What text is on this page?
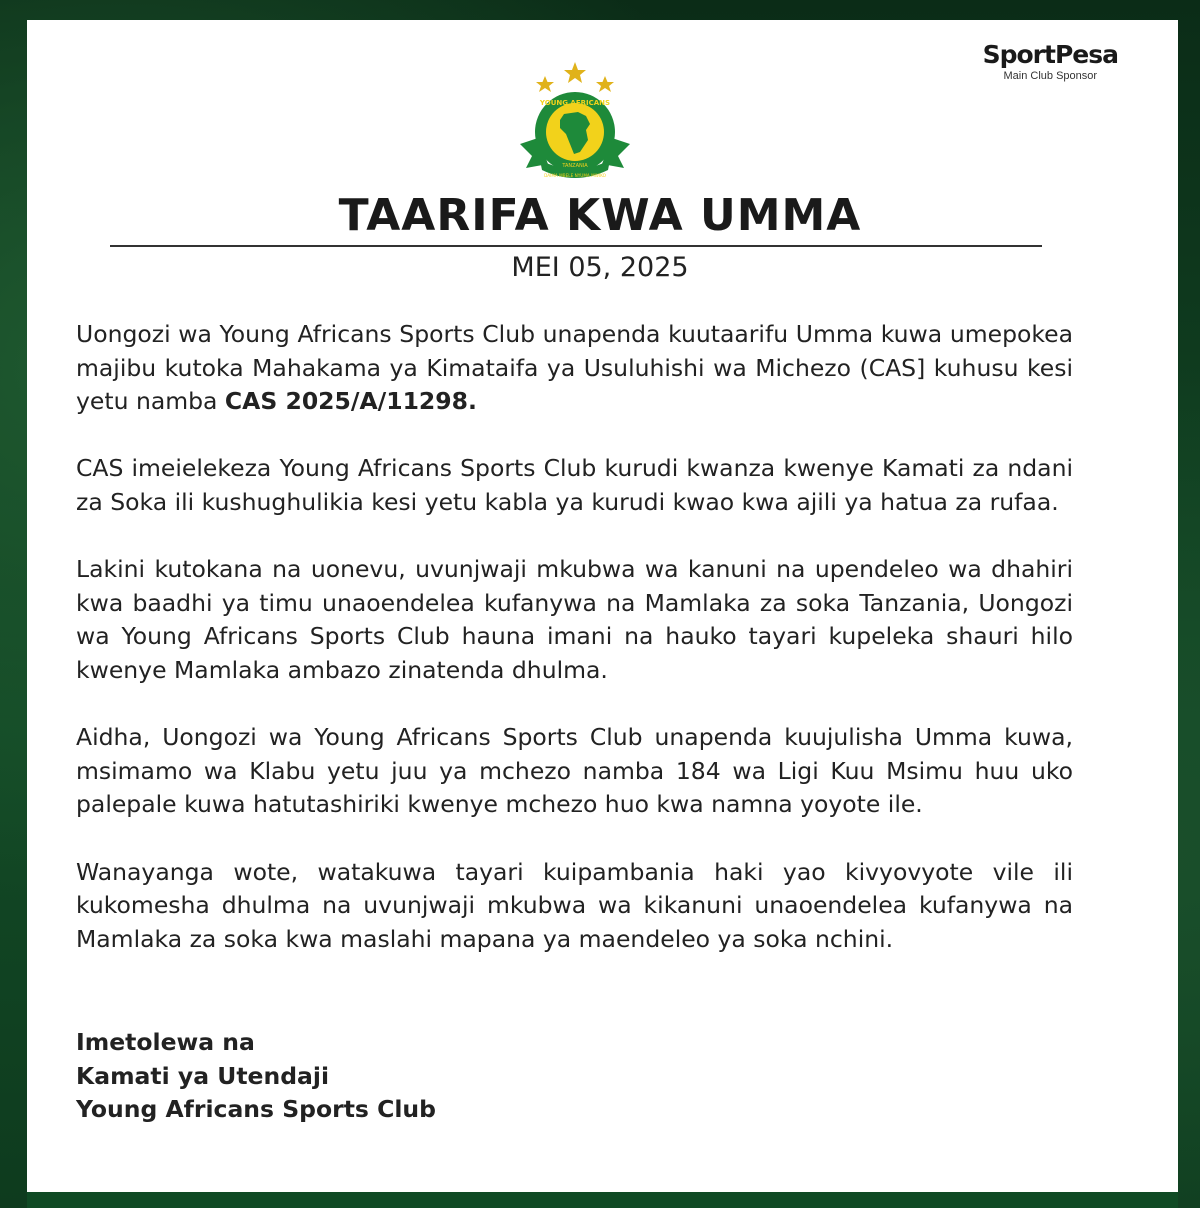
SportPesa
Main Club Sponsor
YOUNG AFRICANS
TANZANIA
DAIMA MBELE NYUMA MWIKO
TAARIFA KWA UMMA
MEI 05, 2025

Uongozi wa Young Africans Sports Club unapenda kuutaarifu Umma kuwa umepokea majibu kutoka Mahakama ya Kimataifa ya Usuluhishi wa Michezo (CAS] kuhusu kesi yetu namba CAS 2025/A/11298.

CAS imeielekeza Young Africans Sports Club kurudi kwanza kwenye Kamati za ndani za Soka ili kushughulikia kesi yetu kabla ya kurudi kwao kwa ajili ya hatua za rufaa.

Lakini kutokana na uonevu, uvunjwaji mkubwa wa kanuni na upendeleo wa dhahiri kwa baadhi ya timu unaoendelea kufanywa na Mamlaka za soka Tanzania, Uongozi wa Young Africans Sports Club hauna imani na hauko tayari kupeleka shauri hilo kwenye Mamlaka ambazo zinatenda dhulma.

Aidha, Uongozi wa Young Africans Sports Club unapenda kuujulisha Umma kuwa, msimamo wa Klabu yetu juu ya mchezo namba 184 wa Ligi Kuu Msimu huu uko palepale kuwa hatutashiriki kwenye mchezo huo kwa namna yoyote ile.

Wanayanga wote, watakuwa tayari kuipambania haki yao kivyovyote vile ili kukomesha dhulma na uvunjwaji mkubwa wa kikanuni unaoendelea kufanywa na Mamlaka za soka kwa maslahi mapana ya maendeleo ya soka nchini.

Imetolewa na
Kamati ya Utendaji
Young Africans Sports Club
